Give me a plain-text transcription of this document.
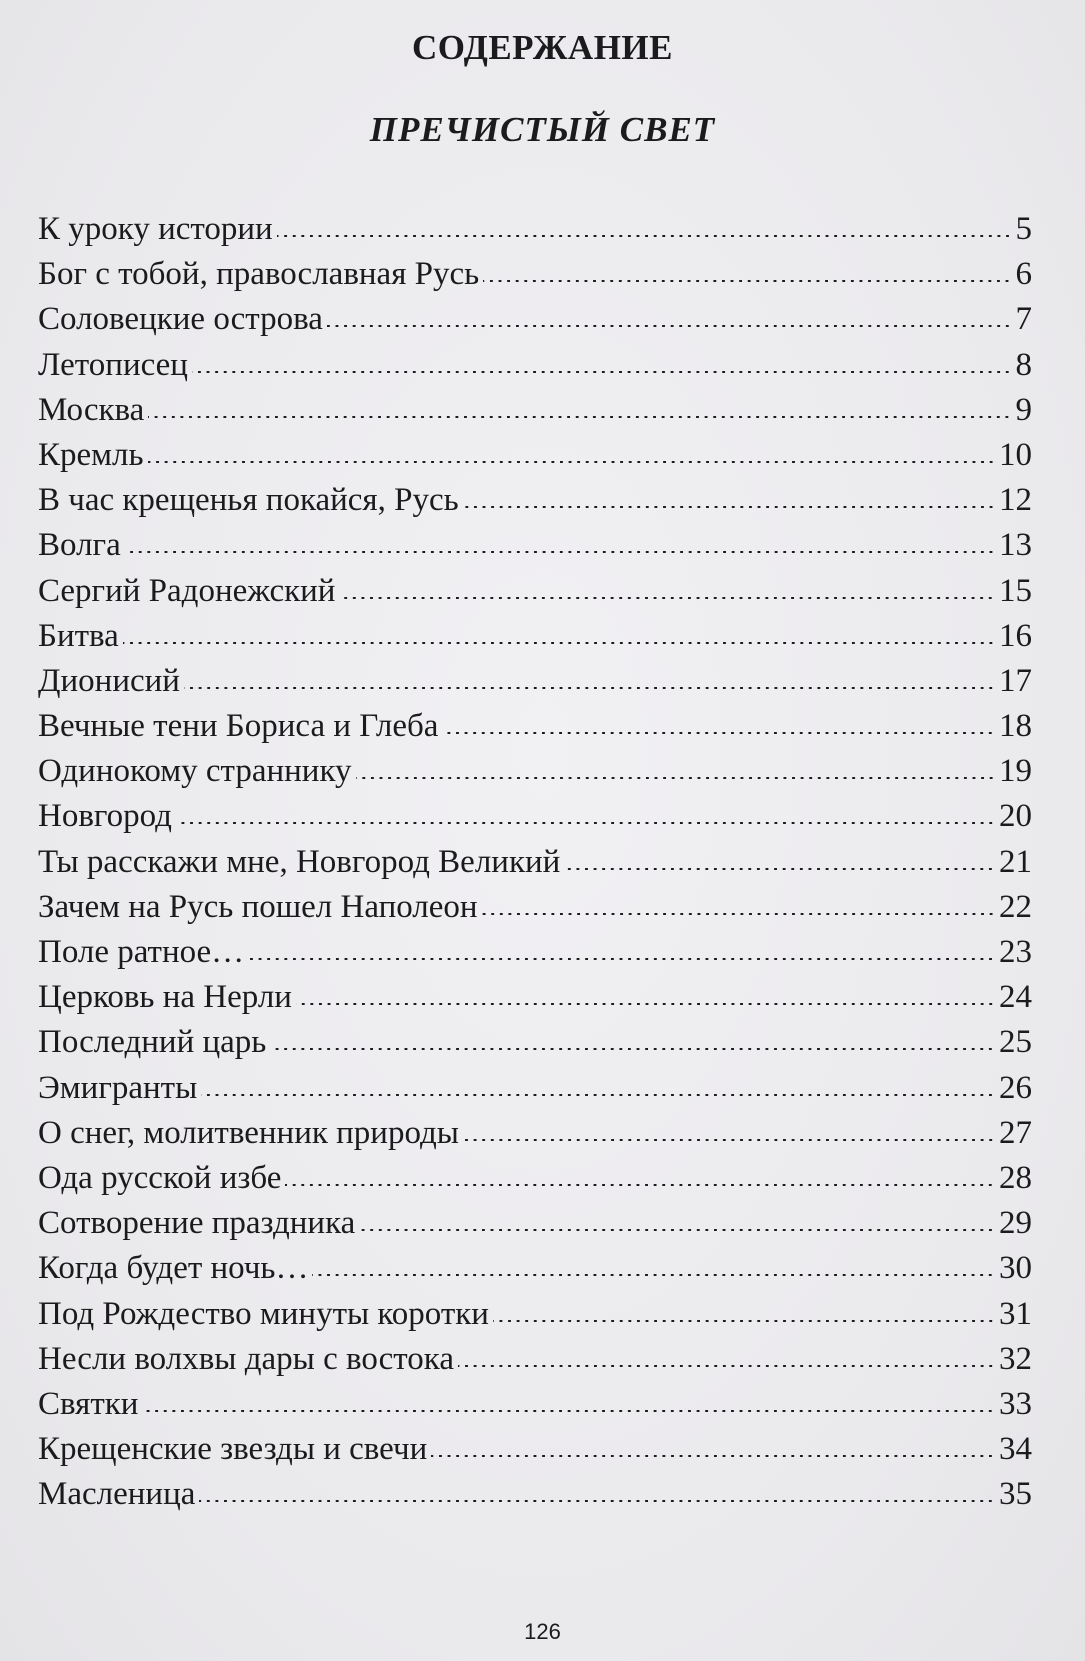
СОДЕРЖАНИЕ
ПРЕЧИСТЫЙ СВЕТ
К уроку истории	5
Бог с тобой, православная Русь	6
Соловецкие острова	7
Летописец	8
Москва	9
Кремль	10
В час крещенья покайся, Русь	12
Волга	13
Сергий Радонежский	15
Битва	16
Дионисий	17
Вечные тени Бориса и Глеба	18
Одинокому страннику	19
Новгород	20
Ты расскажи мне, Новгород Великий	21
Зачем на Русь пошел Наполеон	22
Поле ратное…	23
Церковь на Нерли	24
Последний царь	25
Эмигранты	26
О снег, молитвенник природы	27
Ода русской избе	28
Сотворение праздника	29
Когда будет ночь…	30
Под Рождество минуты коротки	31
Несли волхвы дары с востока	32
Святки	33
Крещенские звезды и свечи	34
Масленица	35
126
